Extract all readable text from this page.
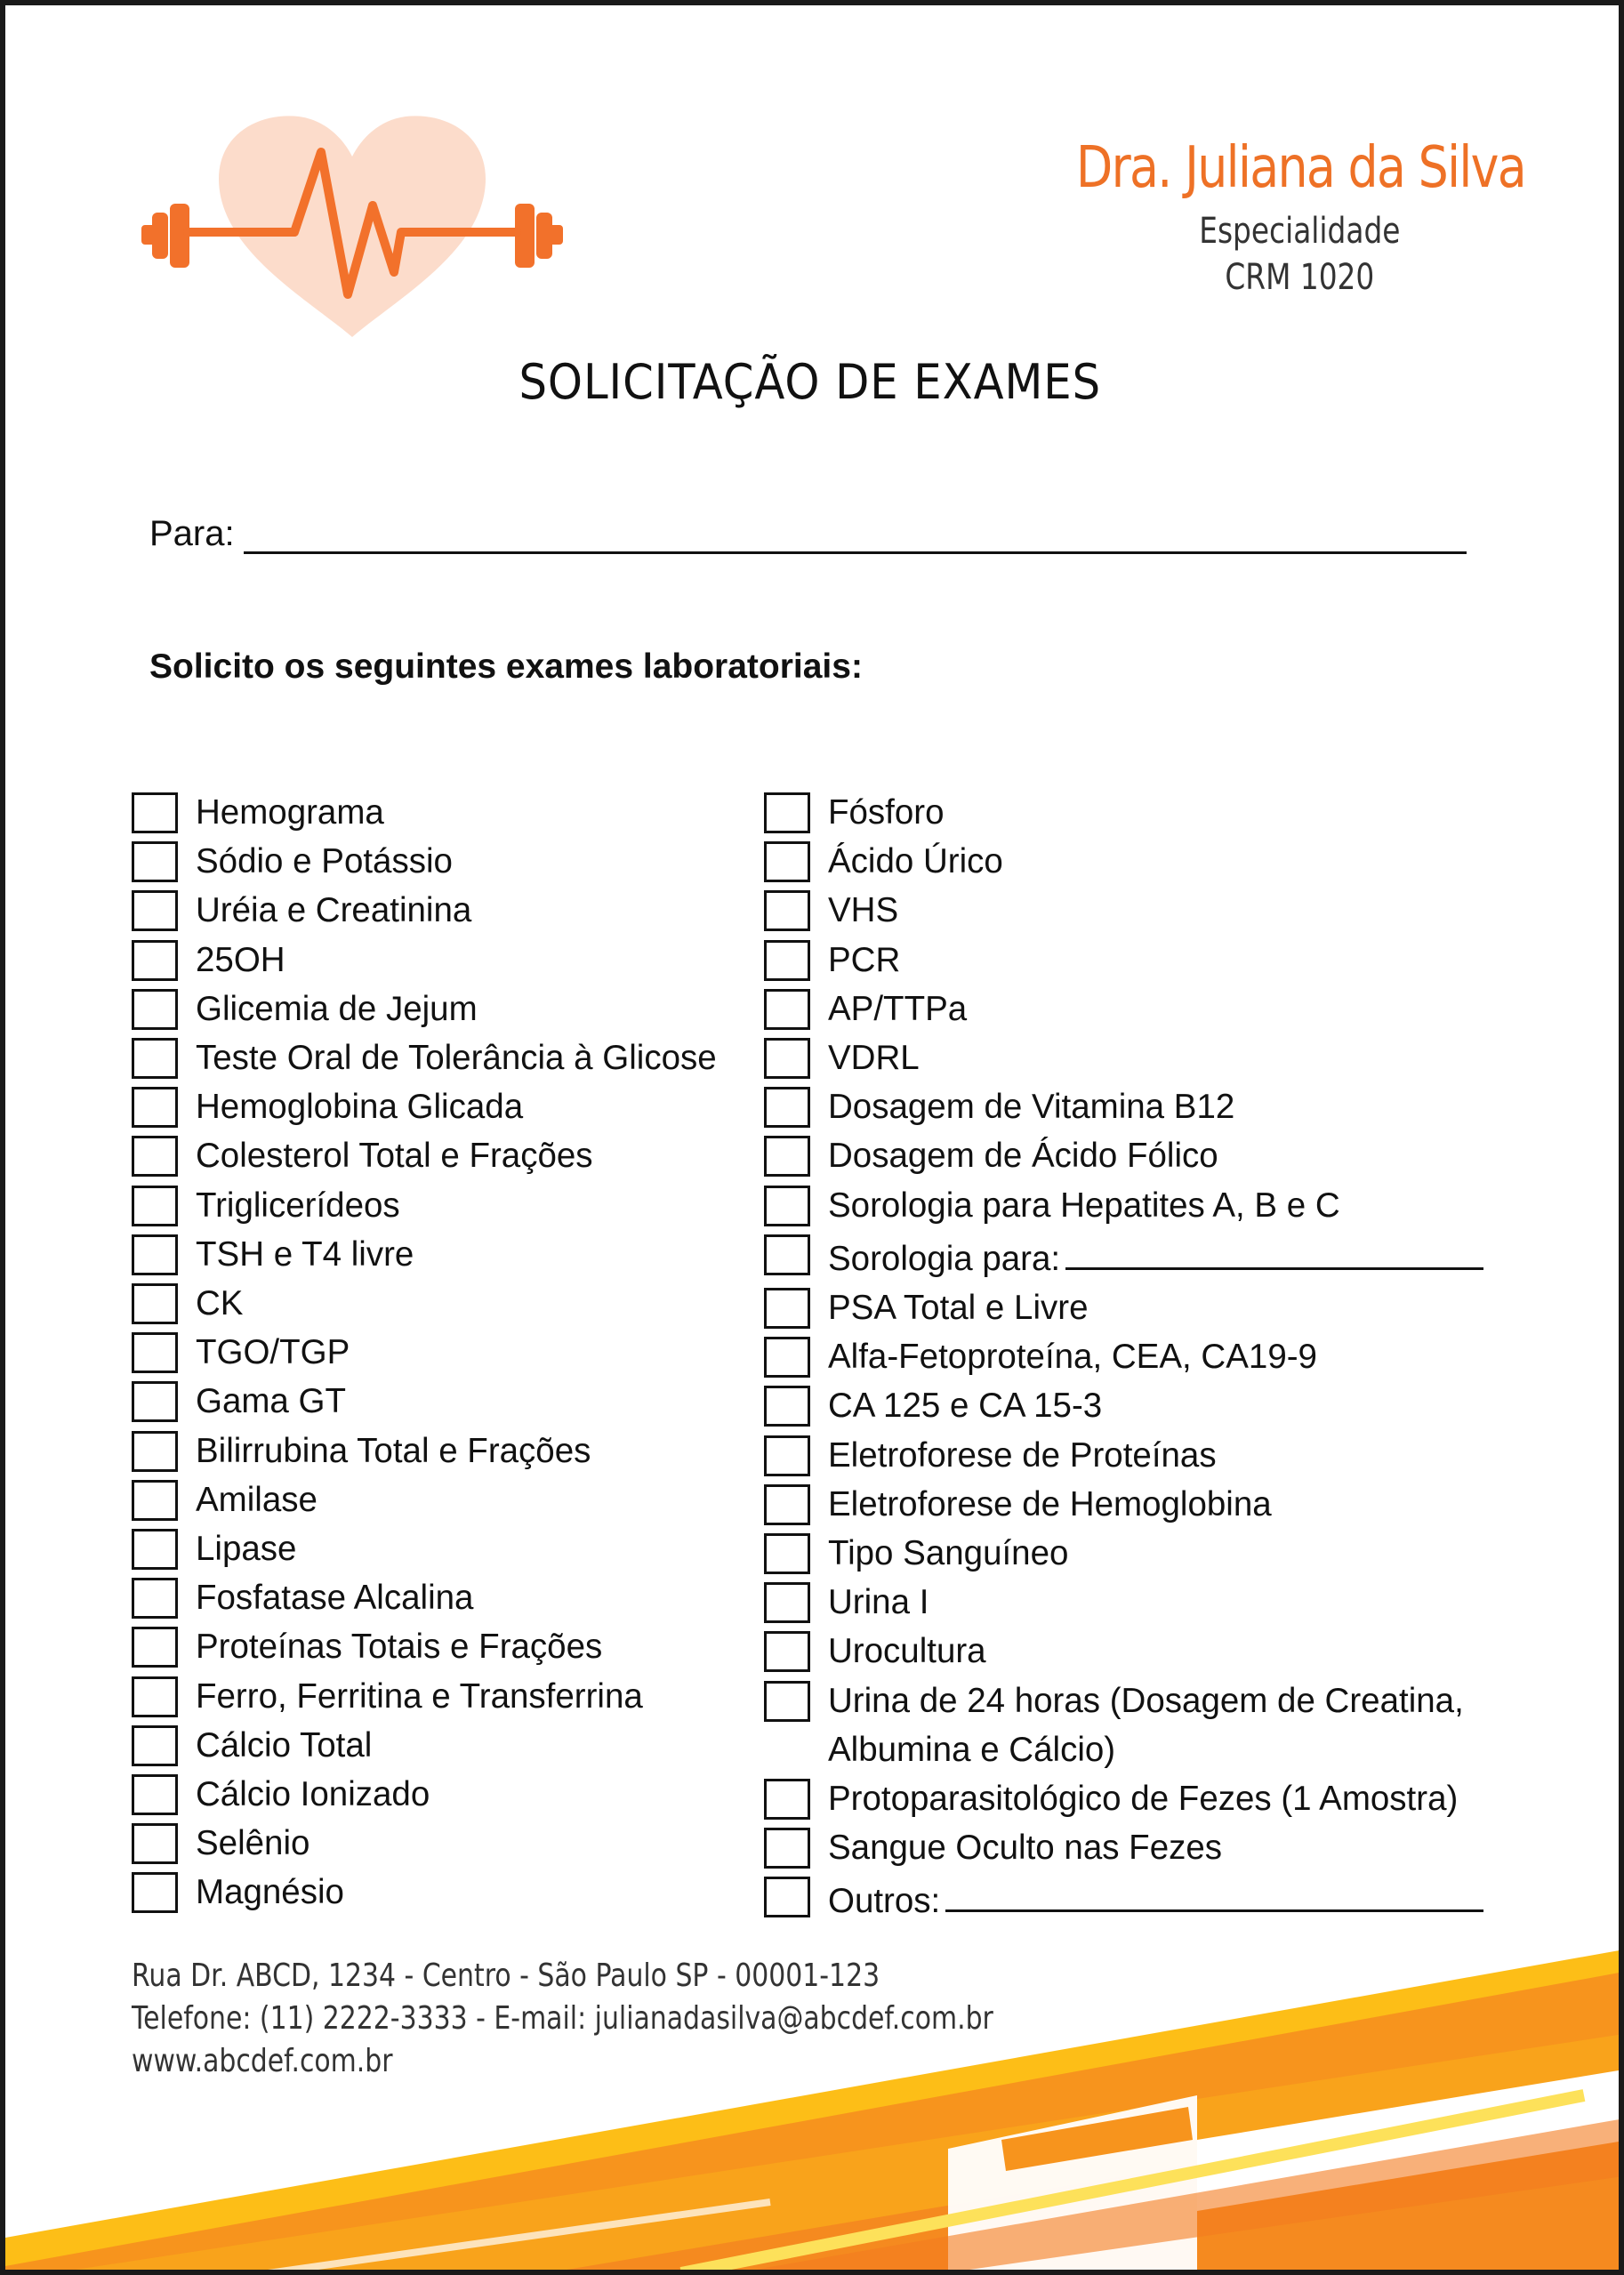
Dra. Juliana da Silva
Especialidade
CRM 1020
SOLICITAÇÃO DE EXAMES
Para:
Solicito os seguintes exames laboratoriais:
Hemograma
Sódio e Potássio
Uréia e Creatinina
25OH
Glicemia de Jejum
Teste Oral de Tolerância à Glicose
Hemoglobina Glicada
Colesterol Total e Frações
Triglicerídeos
TSH e T4 livre
CK
TGO/TGP
Gama GT
Bilirrubina Total e Frações
Amilase
Lipase
Fosfatase Alcalina
Proteínas Totais e Frações
Ferro, Ferritina e Transferrina
Cálcio Total
Cálcio Ionizado
Selênio
Magnésio
Fósforo
Ácido Úrico
VHS
PCR
AP/TTPa
VDRL
Dosagem de Vitamina B12
Dosagem de Ácido Fólico
Sorologia para Hepatites A, B e C
Sorologia para:
PSA Total e Livre
Alfa-Fetoproteína, CEA, CA19-9
CA 125 e CA 15-3
Eletroforese de Proteínas
Eletroforese de Hemoglobina
Tipo Sanguíneo
Urina I
Urocultura
Urina de 24 horas (Dosagem de Creatina, Albumina e Cálcio)
Protoparasitológico de Fezes (1 Amostra)
Sangue Oculto nas Fezes
Outros:
Rua Dr. ABCD, 1234 - Centro - São Paulo SP - 00001-123
Telefone: (11) 2222-3333 - E-mail: julianadasilva@abcdef.com.br
www.abcdef.com.br
